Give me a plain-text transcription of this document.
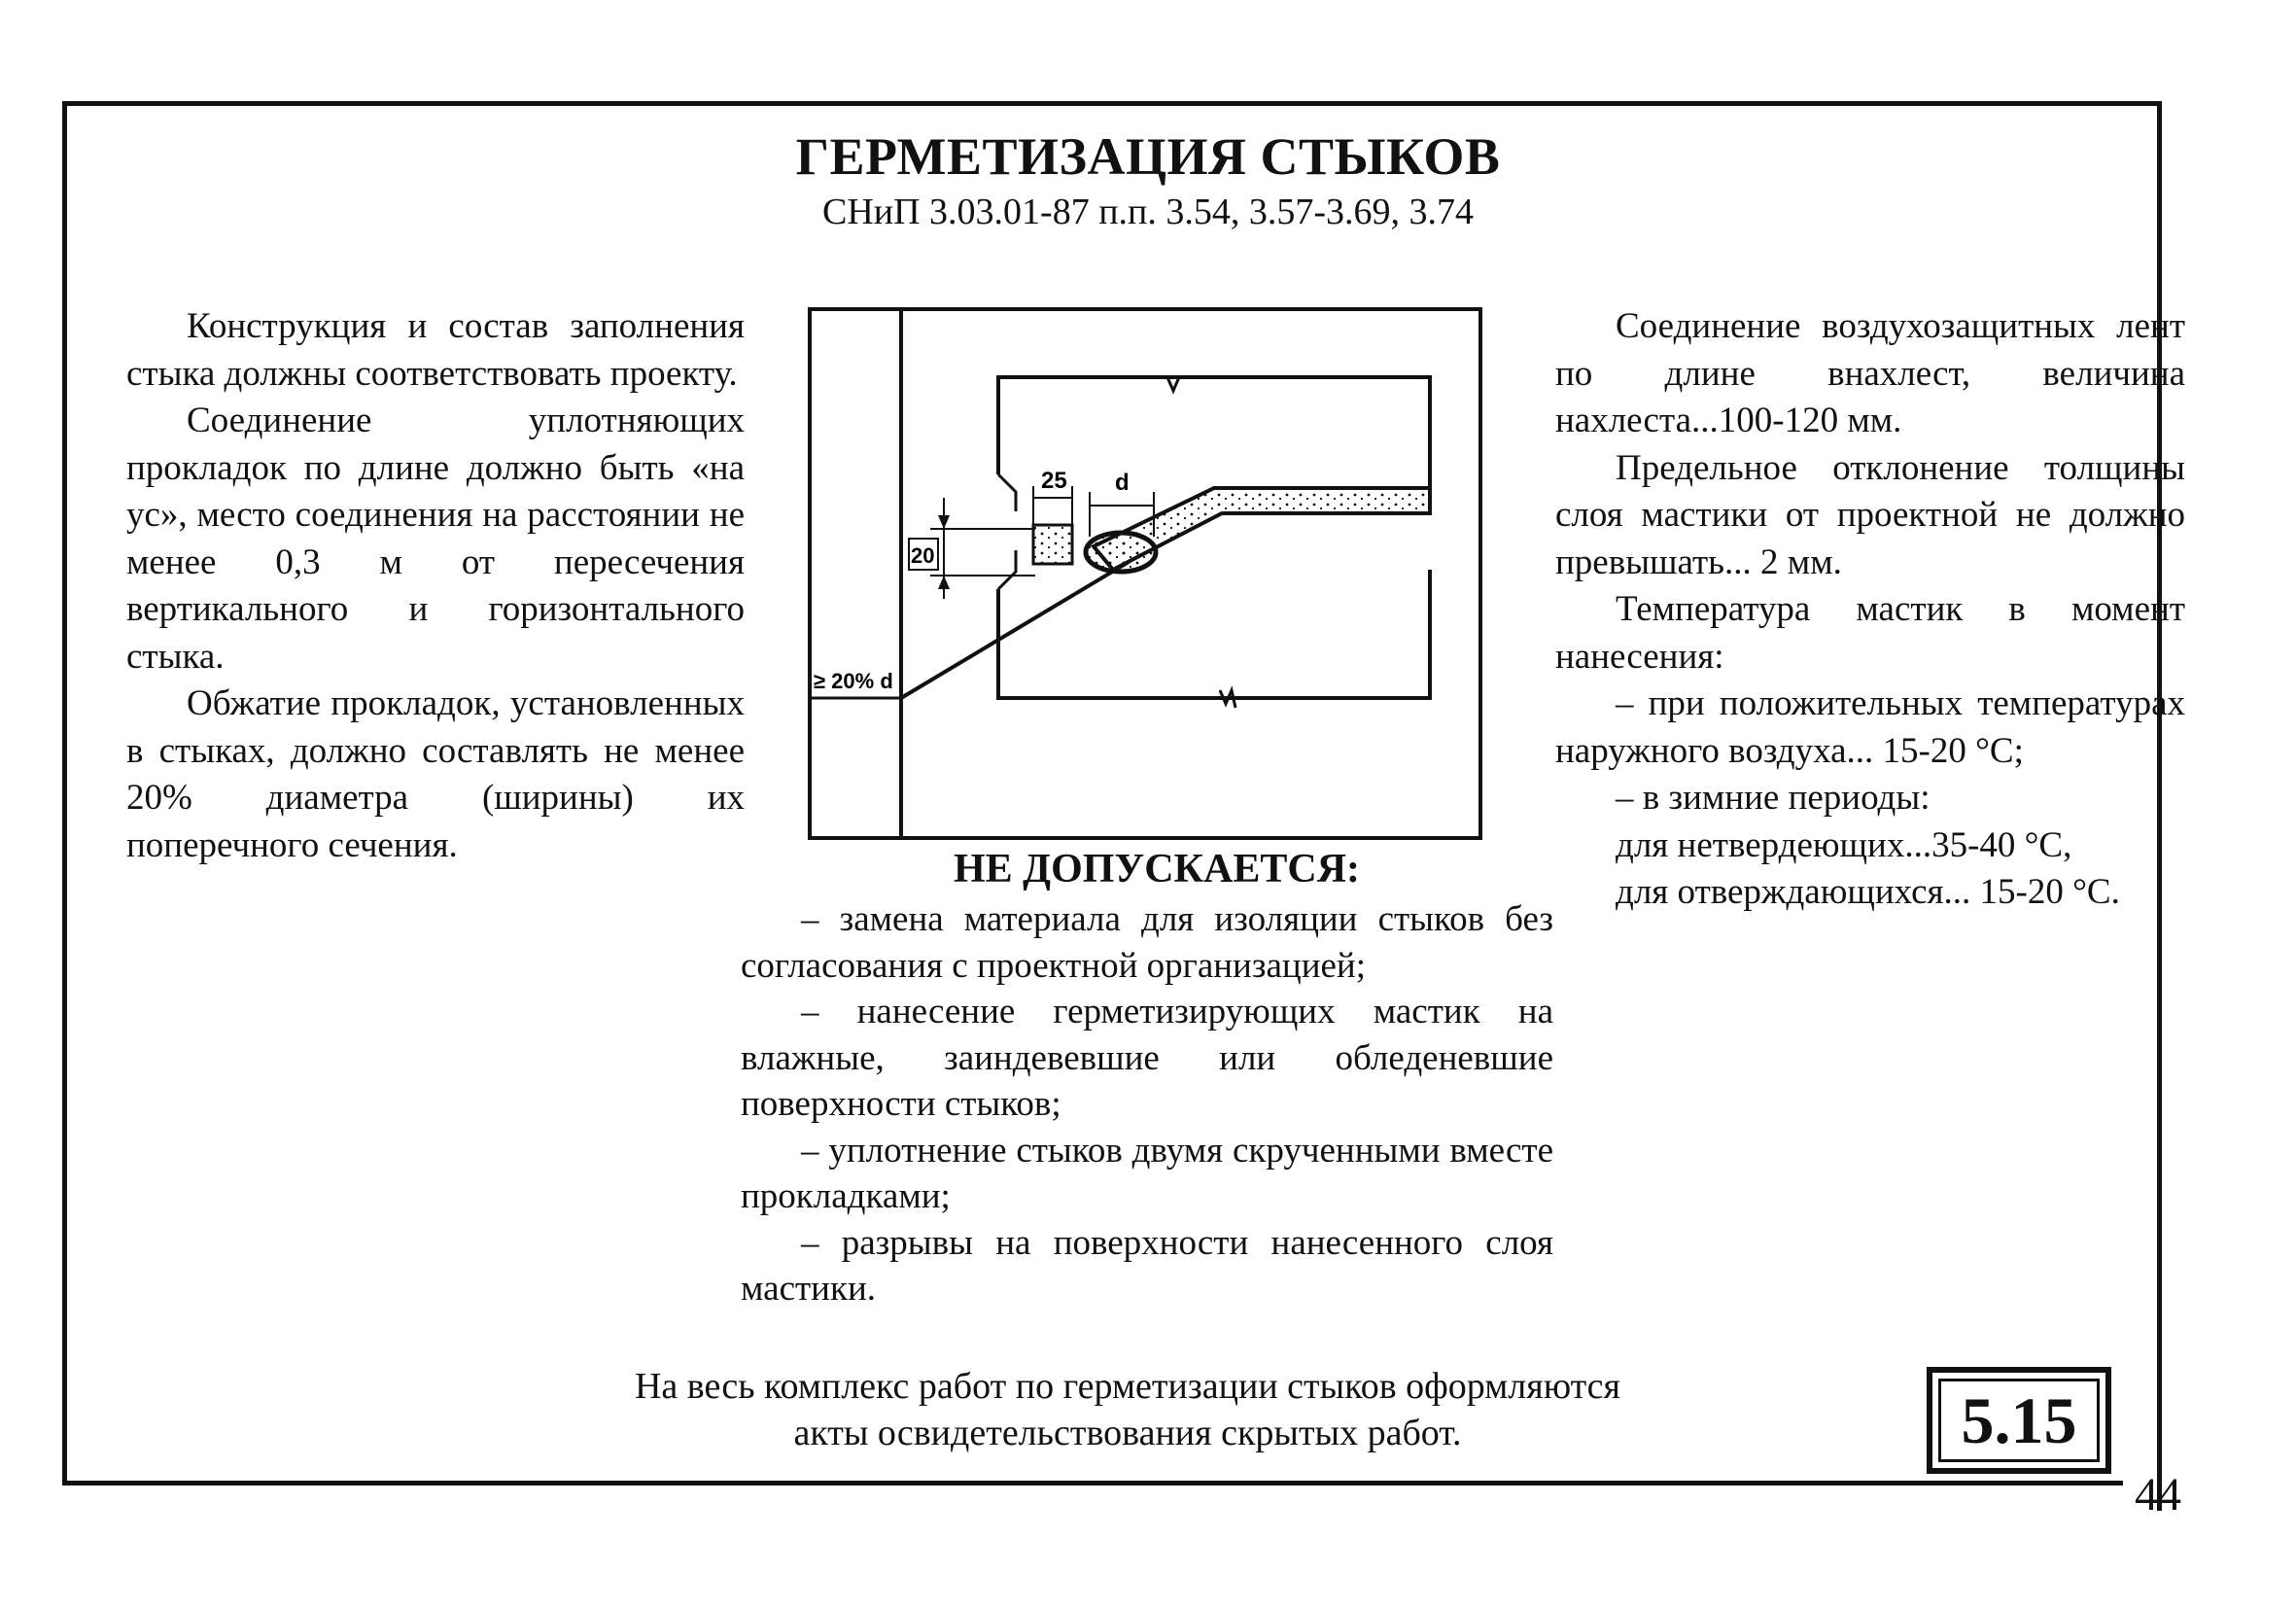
ГЕРМЕТИЗАЦИЯ СТЫКОВ
СНиП 3.03.01-87 п.п. 3.54, 3.57-3.69, 3.74

Конструкция и состав заполнения стыка должны соответствовать проекту.

Соединение уплотняющих прокладок по длине должно быть «на ус», место соединения на расстоянии не менее 0,3 м от пересечения вертикального и горизонтального стыка.

Обжатие прокладок, установленных в стыках, должно составлять не менее 20% диаметра (ширины) их поперечного сечения.

25 d
20
≥ 20% d
НЕ ДОПУСКАЕТСЯ:

– замена материала для изоляции стыков без согласования с проектной организацией;

– нанесение герметизирующих мастик на влажные, заиндевевшие или обледеневшие поверхности стыков;

– уплотнение стыков двумя скрученными вместе прокладками;

– разрывы на поверхности нанесенного слоя мастики.

Соединение воздухозащитных лент по длине внахлест, величина нахлеста...100-120 мм.

Предельное отклонение толщины слоя мастики от проектной не должно превышать... 2 мм.

Температура мастик в момент нанесения:

– при положительных температурах наружного воздуха... 15-20 °С;

– в зимние периоды:

для нетвердеющих...35-40 °С,

для отверждающихся... 15-20 °С.

На весь комплекс работ по герметизации стыков оформляются
акты освидетельствования скрытых работ.	5.15
44
